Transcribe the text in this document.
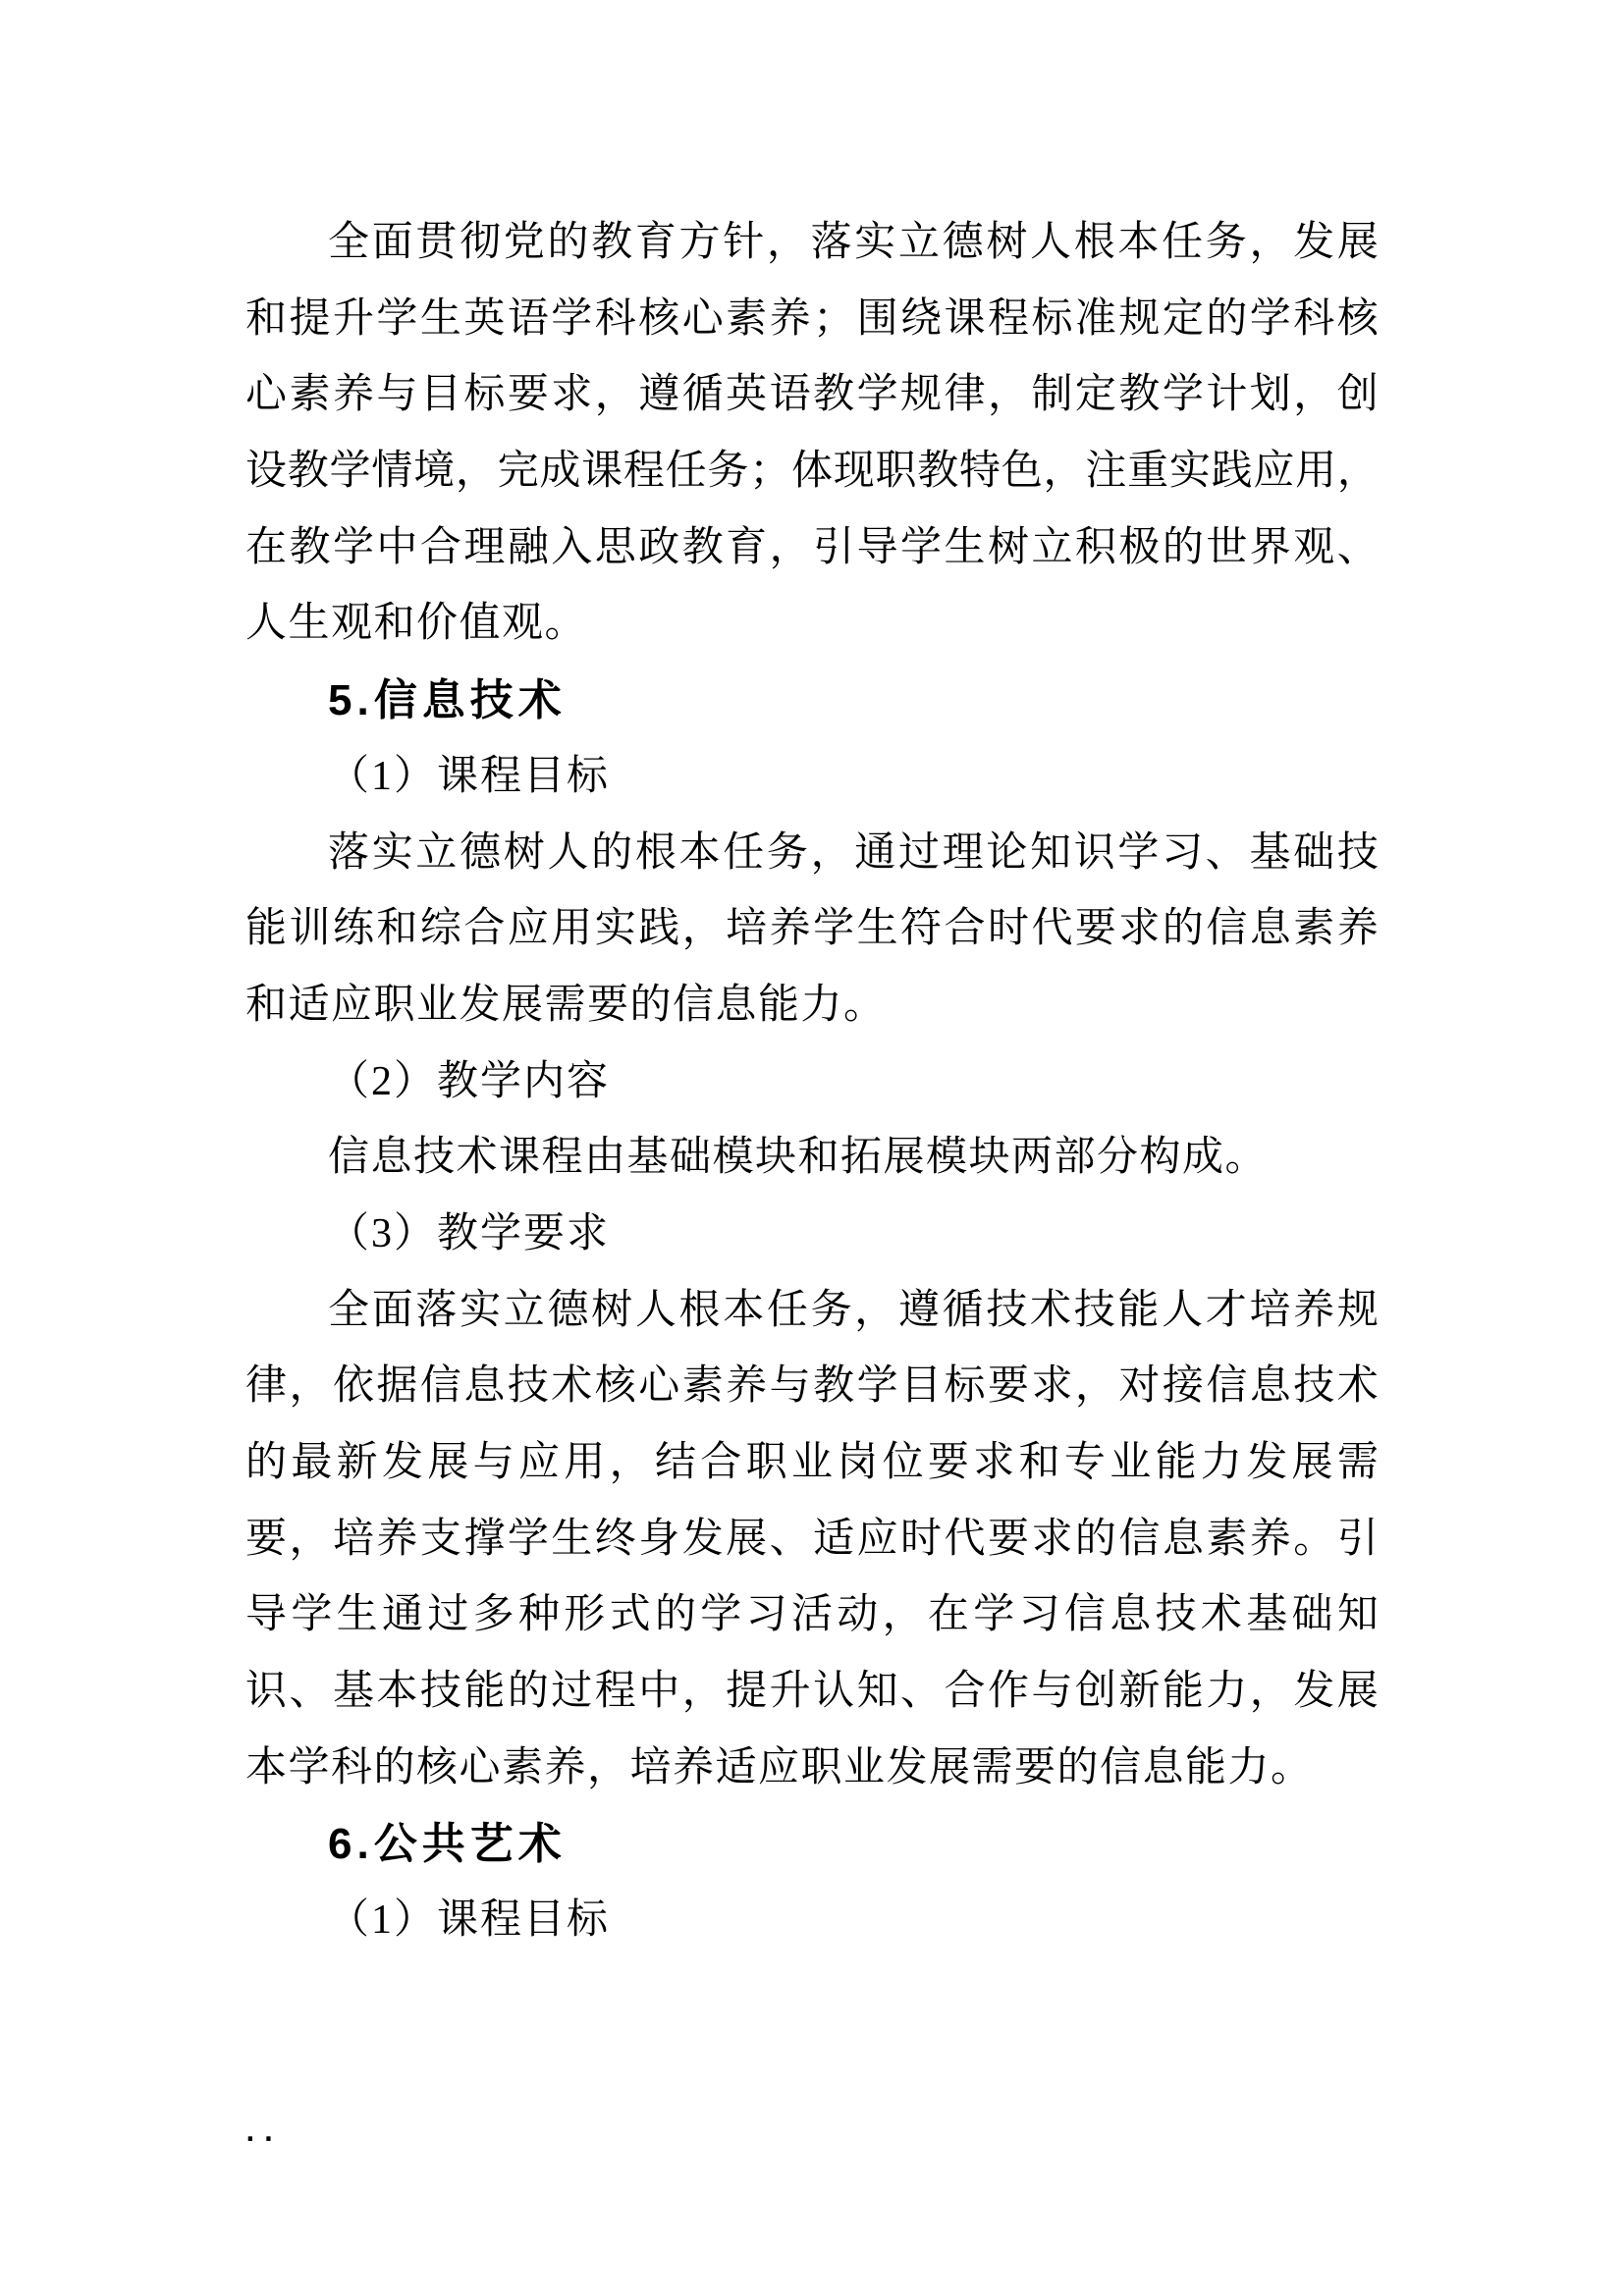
全 面 贯 彻 党 的 教 育 方 针 ， 落 实 立 德 树 人 根 本 任 务 ， 发 展
和 提 升 学 生 英 语 学 科 核 心 素 养 ； 围 绕 课 程 标 准 规 定 的 学 科 核
心 素 养 与 目 标 要 求 ， 遵 循 英 语 教 学 规 律 ， 制 定 教 学 计 划 ， 创
设 教 学 情 境 ， 完 成 课 程 任 务 ； 体 现 职 教 特 色 ， 注 重 实 践 应 用 ，
在 教 学 中 合 理 融 入 思 政 教 育 ， 引 导 学 生 树 立 积 极 的 世 界 观 、
人生观和价值观。
5.信息技术
（1）课程目标
落 实 立 德 树 人 的 根 本 任 务 ， 通 过 理 论 知 识 学 习 、 基 础 技
能 训 练 和 综 合 应 用 实 践 ， 培 养 学 生 符 合 时 代 要 求 的 信 息 素 养
和适应职业发展需要的信息能力。
（2）教学内容
信息技术课程由基础模块和拓展模块两部分构成。
（3）教学要求
全 面 落 实 立 德 树 人 根 本 任 务 ， 遵 循 技 术 技 能 人 才 培 养 规
律 ， 依 据 信 息 技 术 核 心 素 养 与 教 学 目 标 要 求 ， 对 接 信 息 技 术
的 最 新 发 展 与 应 用 ， 结 合 职 业 岗 位 要 求 和 专 业 能 力 发 展 需
要 ， 培 养 支 撑 学 生 终 身 发 展 、 适 应 时 代 要 求 的 信 息 素 养 。 引
导 学 生 通 过 多 种 形 式 的 学 习 活 动 ， 在 学 习 信 息 技 术 基 础 知
识 、 基 本 技 能 的 过 程 中 ， 提 升 认 知 、 合 作 与 创 新 能 力 ， 发 展
本学科的核心素养，培养适应职业发展需要的信息能力。
6.公共艺术
（1）课程目标
..
